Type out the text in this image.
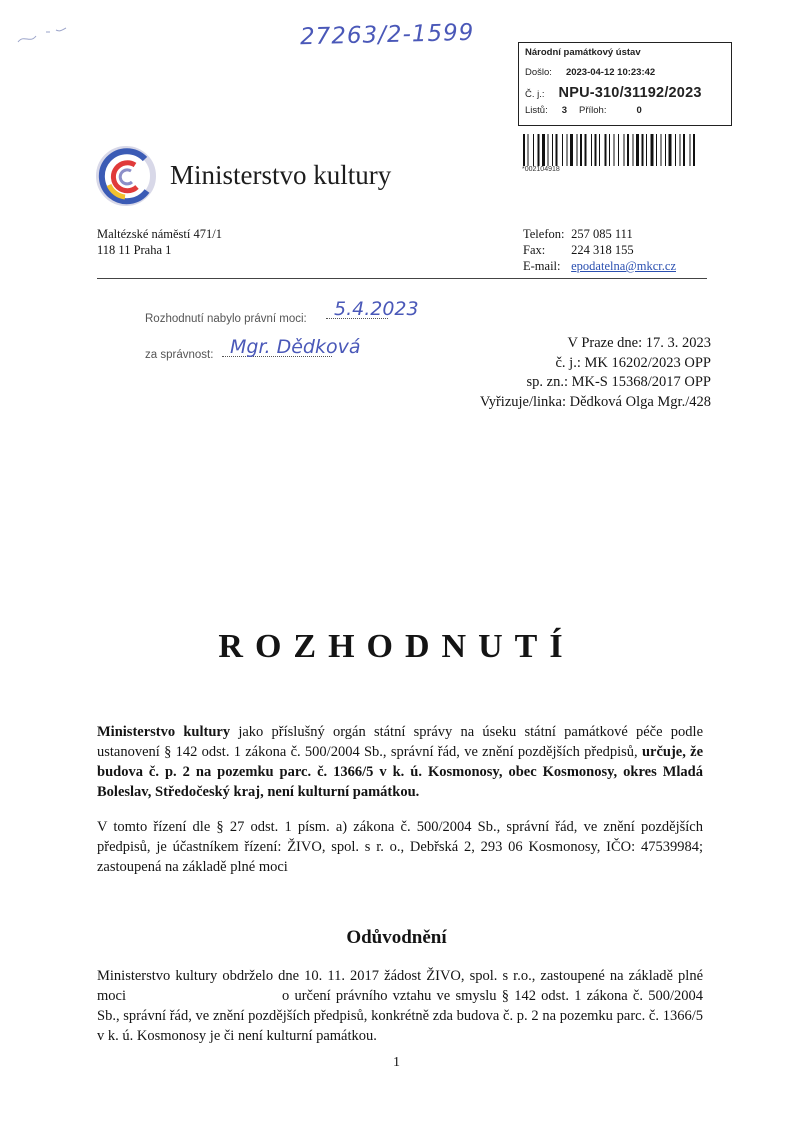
27263/2-1599
Národní památkový ústav
Došlo: 2023-04-12 10:23:42
Č. j.: NPU-310/31192/2023
Listů: 3 Příloh:	0
*002104918
Ministerstvo kultury
Maltézské náměstí 471/1
118 11 Praha 1
Telefon: 257 085 111
Fax: 224 318 155
E-mail: epodatelna@mkcr.cz
Rozhodnutí nabylo právní moci: 5.4.2023
za správnost: Mgr. Dědková	V Praze dne: 17. 3. 2023
č. j.: MK 16202/2023 OPP
sp. zn.: MK-S 15368/2017 OPP
Vyřizuje/linka: Dědková Olga Mgr./428
ROZHODNUTÍ
Ministerstvo kultury jako příslušný orgán státní správy na úseku státní památkové péče podle ustanovení § 142 odst. 1 zákona č. 500/2004 Sb., správní řád, ve znění pozdějších předpisů, určuje, že budova č. p. 2 na pozemku parc. č. 1366/5 v k. ú. Kosmonosy, obec Kosmonosy, okres Mladá Boleslav, Středočeský kraj, není kulturní památkou.
V tomto řízení dle § 27 odst. 1 písm. a) zákona č. 500/2004 Sb., správní řád, ve znění pozdějších předpisů, je účastníkem řízení: ŽIVO, spol. s r. o., Debřská 2, 293 06 Kosmonosy, IČO: 47539984; zastoupená na základě plné moci
Odůvodnění
Ministerstvo kultury obdrželo dne 10. 11. 2017 žádost ŽIVO, spol. s r.o., zastoupené na základě plné moci	o určení právního vztahu ve smyslu § 142 odst. 1 zákona č. 500/2004 Sb., správní řád, ve znění pozdějších předpisů, konkrétně zda budova č. p. 2 na pozemku parc. č. 1366/5 v k. ú. Kosmonosy je či není kulturní památkou.
1
